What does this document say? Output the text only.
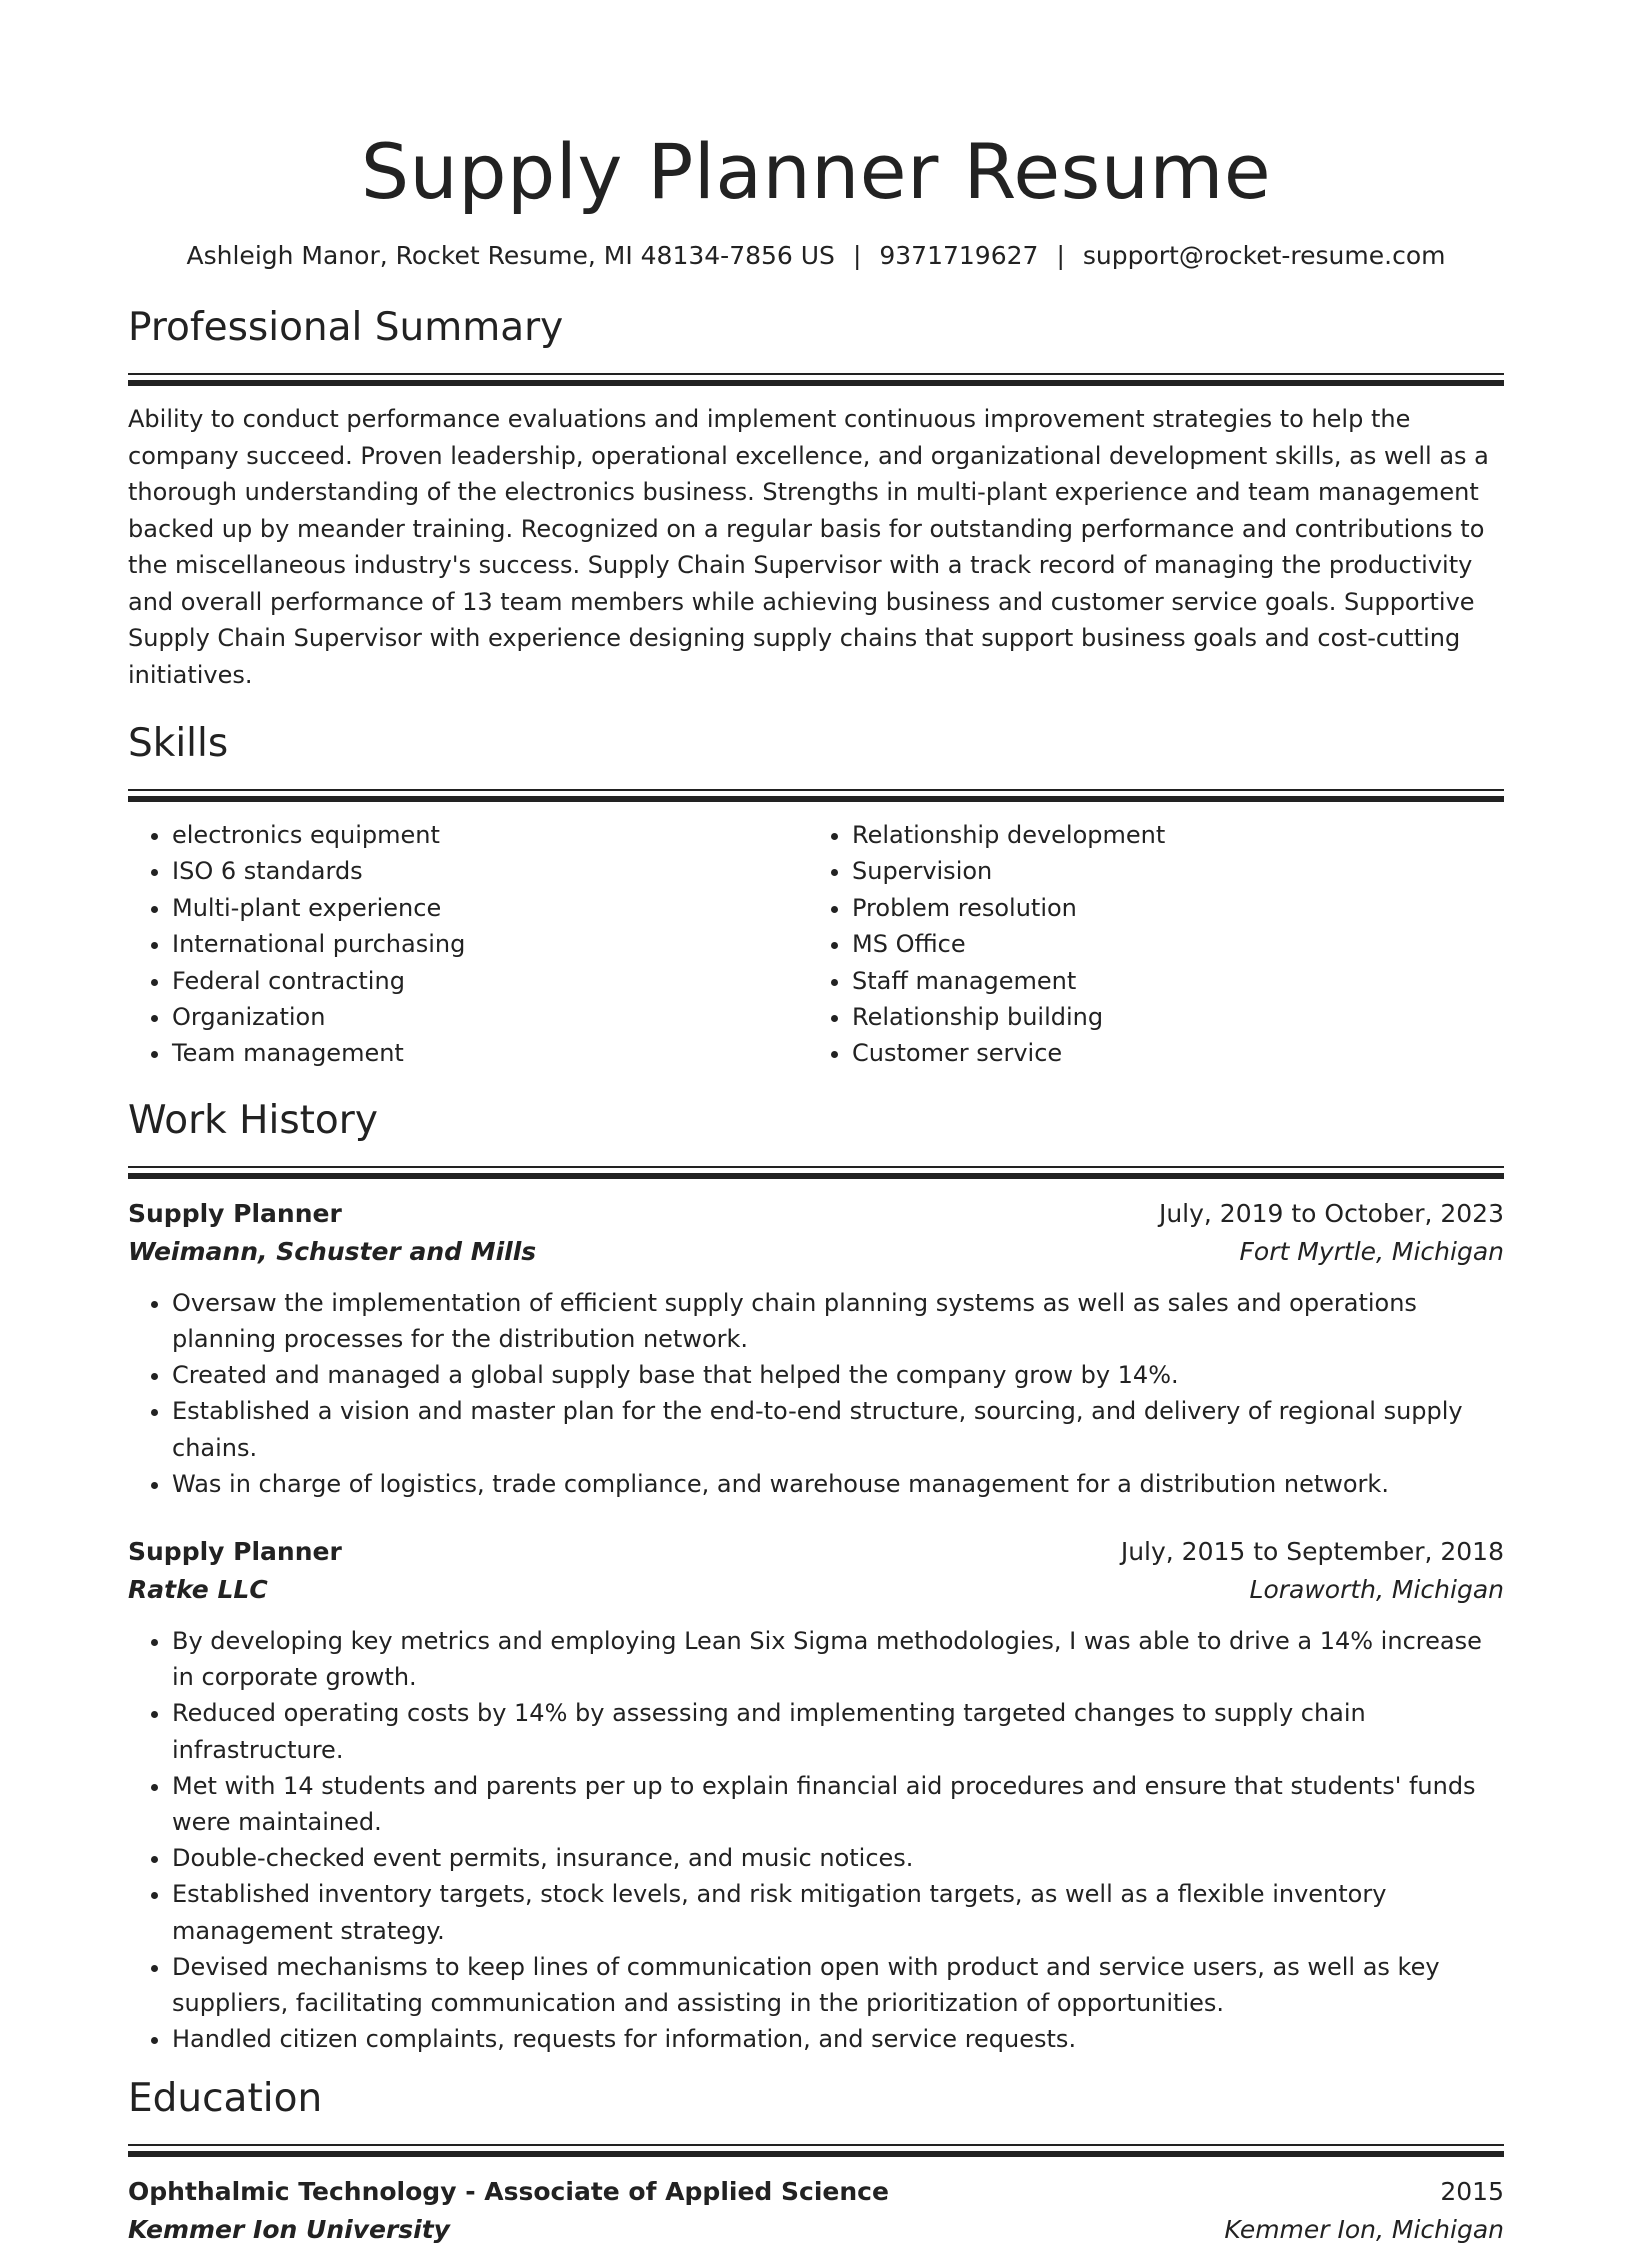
Supply Planner Resume
Ashleigh Manor, Rocket Resume, MI 48134-7856 US | 9371719627 | support@rocket-resume.com
Professional Summary

Ability to conduct performance evaluations and implement continuous improvement strategies to help the company succeed. Proven leadership, operational excellence, and organizational development skills, as well as a thorough understanding of the electronics business. Strengths in multi-plant experience and team management backed up by meander training. Recognized on a regular basis for outstanding performance and contributions to the miscellaneous industry's success. Supply Chain Supervisor with a track record of managing the productivity and overall performance of 13 team members while achieving business and customer service goals. Supportive Supply Chain Supervisor with experience designing supply chains that support business goals and cost-cutting initiatives.

Skills
• electronics equipment
• ISO 6 standards
• Multi-plant experience
• International purchasing
• Federal contracting
• Organization
• Team management
• Relationship development
• Supervision
• Problem resolution
• MS Office
• Staff management
• Relationship building
• Customer service
Work History
Supply Planner	July, 2019 to October, 2023
Weimann, Schuster and Mills	Fort Myrtle, Michigan
• Oversaw the implementation of efficient supply chain planning systems as well as sales and operations planning processes for the distribution network.
• Created and managed a global supply base that helped the company grow by 14%.
• Established a vision and master plan for the end-to-end structure, sourcing, and delivery of regional supply chains.
• Was in charge of logistics, trade compliance, and warehouse management for a distribution network.
Supply Planner	July, 2015 to September, 2018
Ratke LLC	Loraworth, Michigan
• By developing key metrics and employing Lean Six Sigma methodologies, I was able to drive a 14% increase in corporate growth.
• Reduced operating costs by 14% by assessing and implementing targeted changes to supply chain infrastructure.
• Met with 14 students and parents per up to explain financial aid procedures and ensure that students' funds were maintained.
• Double-checked event permits, insurance, and music notices.
• Established inventory targets, stock levels, and risk mitigation targets, as well as a flexible inventory management strategy.
• Devised mechanisms to keep lines of communication open with product and service users, as well as key suppliers, facilitating communication and assisting in the prioritization of opportunities.
• Handled citizen complaints, requests for information, and service requests.
Education
Ophthalmic Technology - Associate of Applied Science	2015
Kemmer Ion University	Kemmer Ion, Michigan
